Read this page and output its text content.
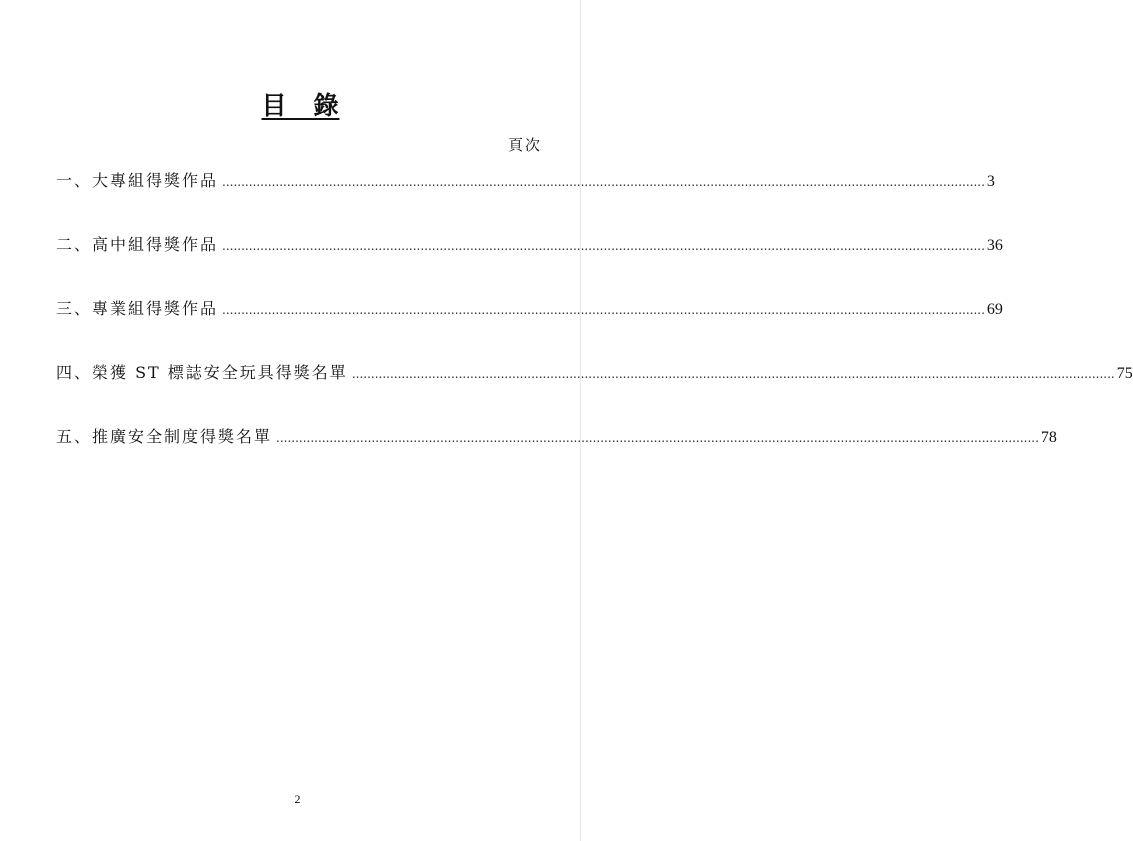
目　錄
頁次
一、大專組得獎作品 ........................................................................................................................................................................................................ 3
二、高中組得獎作品 ........................................................................................................................................................................................................ 36
三、專業組得獎作品 ........................................................................................................................................................................................................ 69
四、榮獲 ST 標誌安全玩具得獎名單 ........................................................................................................................................................................................................ 75
五、推廣安全制度得獎名單 ........................................................................................................................................................................................................ 78
2
